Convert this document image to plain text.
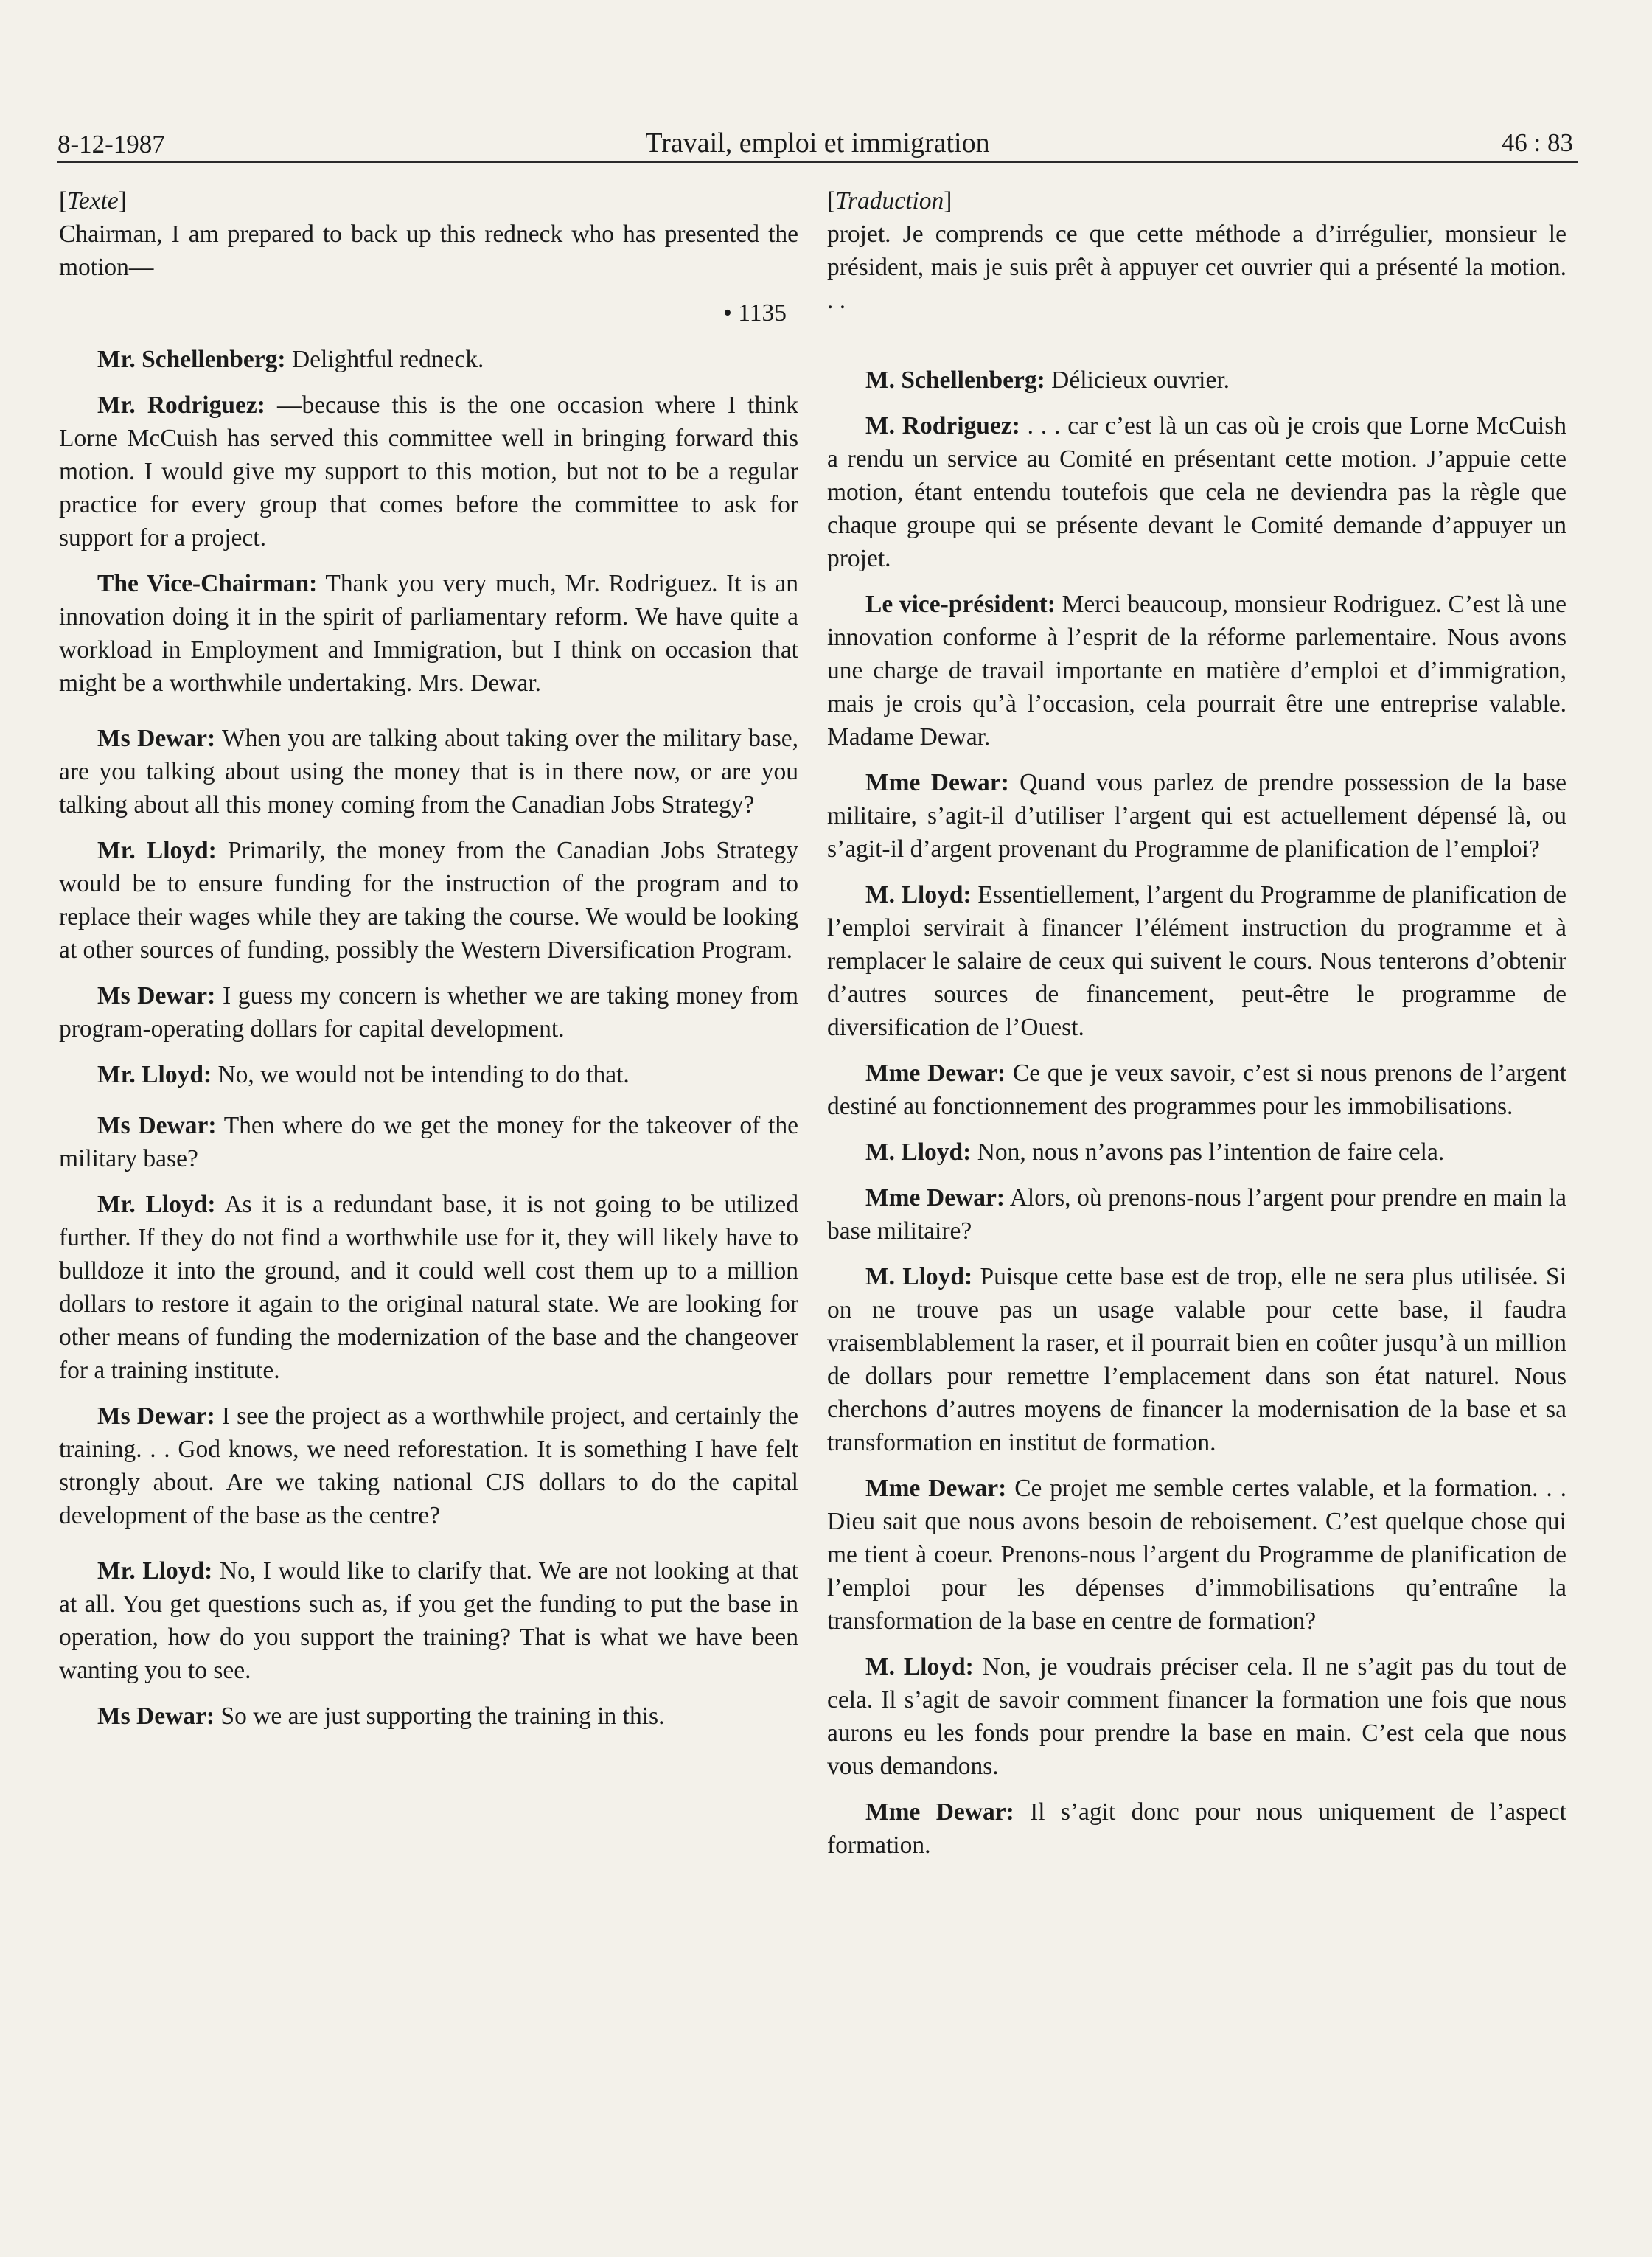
8-12-1987	Travail, emploi et immigration	46 : 83
[Texte]

Chairman, I am prepared to back up this redneck who has presented the motion—

• 1135

Mr. Schellenberg: Delightful redneck.

Mr. Rodriguez: —because this is the one occasion where I think Lorne McCuish has served this committee well in bringing forward this motion. I would give my support to this motion, but not to be a regular practice for every group that comes before the committee to ask for support for a project.

The Vice-Chairman: Thank you very much, Mr. Rodriguez. It is an innovation doing it in the spirit of parliamentary reform. We have quite a workload in Employment and Immigration, but I think on occasion that might be a worthwhile undertaking. Mrs. Dewar.

Ms Dewar: When you are talking about taking over the military base, are you talking about using the money that is in there now, or are you talking about all this money coming from the Canadian Jobs Strategy?

Mr. Lloyd: Primarily, the money from the Canadian Jobs Strategy would be to ensure funding for the instruction of the program and to replace their wages while they are taking the course. We would be looking at other sources of funding, possibly the Western Diversification Program.

Ms Dewar: I guess my concern is whether we are taking money from program-operating dollars for capital development.

Mr. Lloyd: No, we would not be intending to do that.

Ms Dewar: Then where do we get the money for the takeover of the military base?

Mr. Lloyd: As it is a redundant base, it is not going to be utilized further. If they do not find a worthwhile use for it, they will likely have to bulldoze it into the ground, and it could well cost them up to a million dollars to restore it again to the original natural state. We are looking for other means of funding the modernization of the base and the changeover for a training institute.

Ms Dewar: I see the project as a worthwhile project, and certainly the training. . . God knows, we need reforestation. It is something I have felt strongly about. Are we taking national CJS dollars to do the capital development of the base as the centre?

Mr. Lloyd: No, I would like to clarify that. We are not looking at that at all. You get questions such as, if you get the funding to put the base in operation, how do you support the training? That is what we have been wanting you to see.

Ms Dewar: So we are just supporting the training in this.

[Traduction]

projet. Je comprends ce que cette méthode a d’irrégulier, monsieur le président, mais je suis prêt à appuyer cet ouvrier qui a présenté la motion. . .

M. Schellenberg: Délicieux ouvrier.

M. Rodriguez: . . . car c’est là un cas où je crois que Lorne McCuish a rendu un service au Comité en présentant cette motion. J’appuie cette motion, étant entendu toutefois que cela ne deviendra pas la règle que chaque groupe qui se présente devant le Comité demande d’appuyer un projet.

Le vice-président: Merci beaucoup, monsieur Rodriguez. C’est là une innovation conforme à l’esprit de la réforme parlementaire. Nous avons une charge de travail importante en matière d’emploi et d’immigration, mais je crois qu’à l’occasion, cela pourrait être une entreprise valable. Madame Dewar.

Mme Dewar: Quand vous parlez de prendre possession de la base militaire, s’agit-il d’utiliser l’argent qui est actuellement dépensé là, ou s’agit-il d’argent provenant du Programme de planification de l’emploi?

M. Lloyd: Essentiellement, l’argent du Programme de planification de l’emploi servirait à financer l’élément instruction du programme et à remplacer le salaire de ceux qui suivent le cours. Nous tenterons d’obtenir d’autres sources de financement, peut-être le programme de diversification de l’Ouest.

Mme Dewar: Ce que je veux savoir, c’est si nous prenons de l’argent destiné au fonctionnement des programmes pour les immobilisations.

M. Lloyd: Non, nous n’avons pas l’intention de faire cela.

Mme Dewar: Alors, où prenons-nous l’argent pour prendre en main la base militaire?

M. Lloyd: Puisque cette base est de trop, elle ne sera plus utilisée. Si on ne trouve pas un usage valable pour cette base, il faudra vraisemblablement la raser, et il pourrait bien en coûter jusqu’à un million de dollars pour remettre l’emplacement dans son état naturel. Nous cherchons d’autres moyens de financer la modernisation de la base et sa transformation en institut de formation.

Mme Dewar: Ce projet me semble certes valable, et la formation. . . Dieu sait que nous avons besoin de reboisement. C’est quelque chose qui me tient à coeur. Prenons-nous l’argent du Programme de planification de l’emploi pour les dépenses d’immobilisations qu’entraîne la transformation de la base en centre de formation?

M. Lloyd: Non, je voudrais préciser cela. Il ne s’agit pas du tout de cela. Il s’agit de savoir comment financer la formation une fois que nous aurons eu les fonds pour prendre la base en main. C’est cela que nous vous demandons.

Mme Dewar: Il s’agit donc pour nous uniquement de l’aspect formation.
